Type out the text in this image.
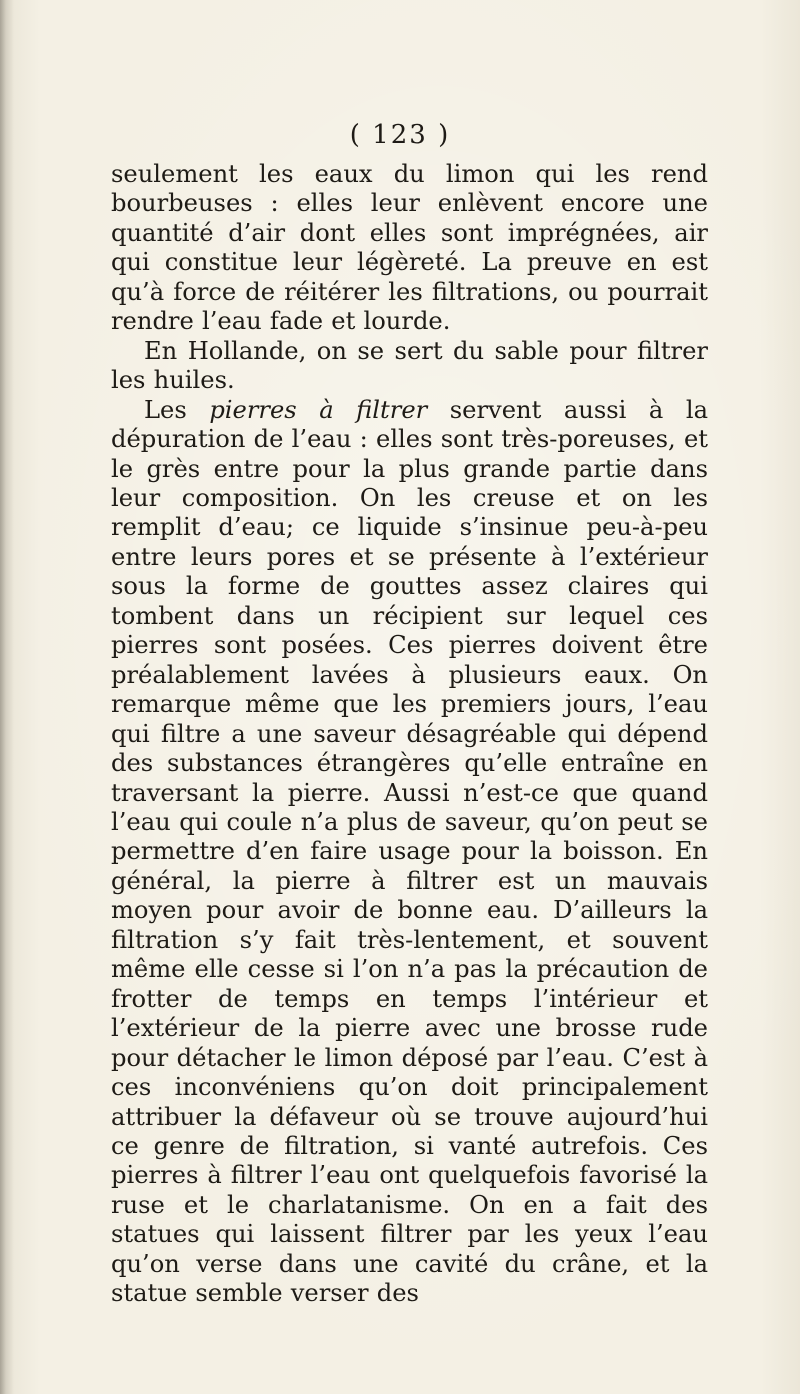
( 123 )

seulement les eaux du limon qui les rend bourbeuses : elles leur enlèvent encore une quantité d’air dont elles sont imprégnées, air qui constitue leur légèreté. La preuve en est qu’à force de réitérer les filtrations, ou pourrait rendre l’eau fade et lourde.

En Hollande, on se sert du sable pour filtrer les huiles.

Les pierres à filtrer servent aussi à la dépuration de l’eau : elles sont très-poreuses, et le grès entre pour la plus grande partie dans leur composition. On les creuse et on les remplit d’eau; ce liquide s’insinue peu-à-peu entre leurs pores et se présente à l’extérieur sous la forme de gouttes assez claires qui tombent dans un récipient sur lequel ces pierres sont posées. Ces pierres doivent être préalablement lavées à plusieurs eaux. On remarque même que les premiers jours, l’eau qui filtre a une saveur désagréable qui dépend des substances étrangères qu’elle entraîne en traversant la pierre. Aussi n’est-ce que quand l’eau qui coule n’a plus de saveur, qu’on peut se permettre d’en faire usage pour la boisson. En général, la pierre à filtrer est un mauvais moyen pour avoir de bonne eau. D’ailleurs la filtration s’y fait très-lentement, et souvent même elle cesse si l’on n’a pas la précaution de frotter de temps en temps l’intérieur et l’extérieur de la pierre avec une brosse rude pour détacher le limon déposé par l’eau. C’est à ces inconvéniens qu’on doit principalement attribuer la défaveur où se trouve aujourd’hui ce genre de filtration, si vanté autrefois. Ces pierres à filtrer l’eau ont quelquefois favorisé la ruse et le charlatanisme. On en a fait des statues qui laissent filtrer par les yeux l’eau qu’on verse dans une cavité du crâne, et la statue semble verser des
